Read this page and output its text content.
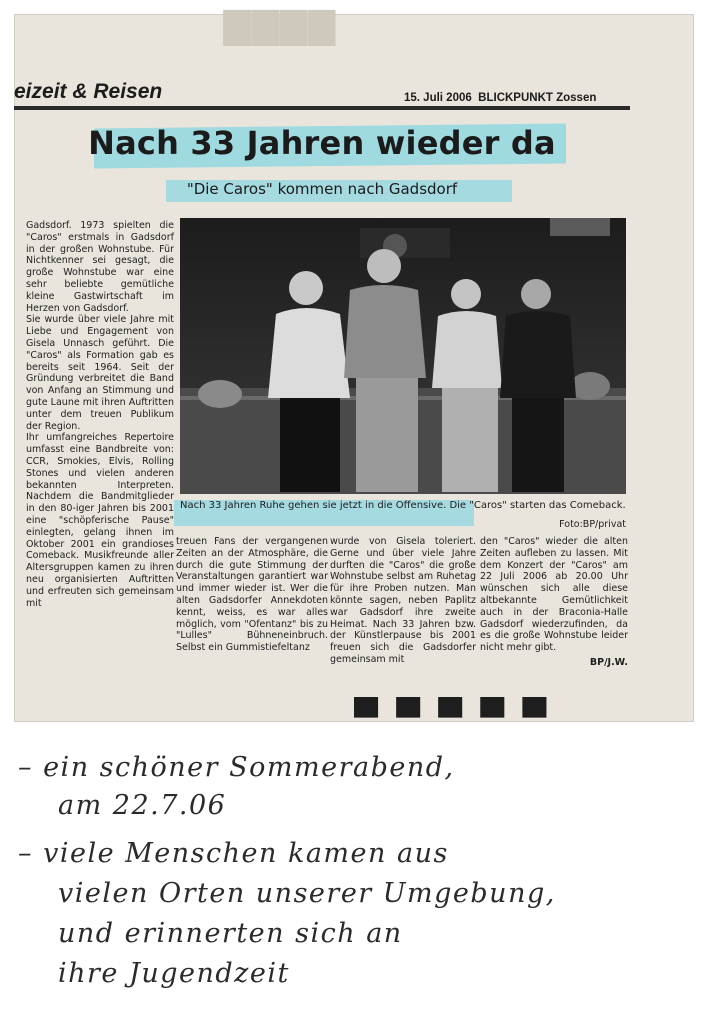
▇▇▇▇
eizeit & Reisen	15. Juli 2006 BLICKPUNKT Zossen
Nach 33 Jahren wieder da
"Die Caros" kommen nach Gadsdorf

Gadsdorf. 1973 spielten die "Caros" erstmals in Gadsdorf in der großen Wohnstube. Für Nichtkenner sei gesagt, die große Wohnstube war eine sehr beliebte gemütliche kleine Gastwirtschaft im Herzen von Gadsdorf.

Sie wurde über viele Jahre mit Liebe und Engagement von Gisela Unnasch geführt. Die "Caros" als Formation gab es bereits seit 1964. Seit der Gründung verbreitet die Band von Anfang an Stimmung und gute Laune mit ihren Auftritten unter dem treuen Publikum der Region.

Ihr umfangreiches Repertoire umfasst eine Bandbreite von: CCR, Smokies, Elvis, Rolling Stones und vielen anderen bekannten Interpreten. Nachdem die Bandmitglieder in den 80-iger Jahren bis 2001 eine "schöpferische Pause" einlegten, gelang ihnen im Oktober 2001 ein grandioses Comeback. Musikfreunde aller Altersgruppen kamen zu ihren neu organisierten Auftritten und erfreuten sich gemeinsam mit

Nach 33 Jahren Ruhe gehen sie jetzt in die Offensive. Die "Caros" starten das Comeback.
Foto:BP/privat

treuen Fans der vergangenen Zeiten an der Atmosphäre, die durch die gute Stimmung der Veranstaltungen garantiert war und immer wieder ist. Wer die alten Gadsdorfer Annekdoten kennt, weiss, es war alles möglich, vom "Ofentanz" bis zu "Lulles" Bühneneinbruch. Selbst ein Gummistiefeltanz

wurde von Gisela toleriert. Gerne und über viele Jahre durften die "Caros" die große Wohnstube selbst am Ruhetag für ihre Proben nutzen. Man könnte sagen, neben Paplitz war Gadsdorf ihre zweite Heimat. Nach 33 Jahren bzw. der Künstlerpause bis 2001 freuen sich die Gadsdorfer gemeinsam mit

den "Caros" wieder die alten Zeiten aufleben zu lassen. Mit dem Konzert der "Caros" am 22 Juli 2006 ab 20.00 Uhr wünschen sich alle diese altbekannte Gemütlichkeit auch in der Braconia-Halle Gadsdorf wiederzufinden, da es die große Wohnstube leider nicht mehr gibt.

BP/J.W.

▀▀▀▀▀
– ein schöner Sommerabend,
am 22.7.06
– viele Menschen kamen aus
vielen Orten unserer Umgebung,
und erinnerten sich an
ihre Jugendzeit
